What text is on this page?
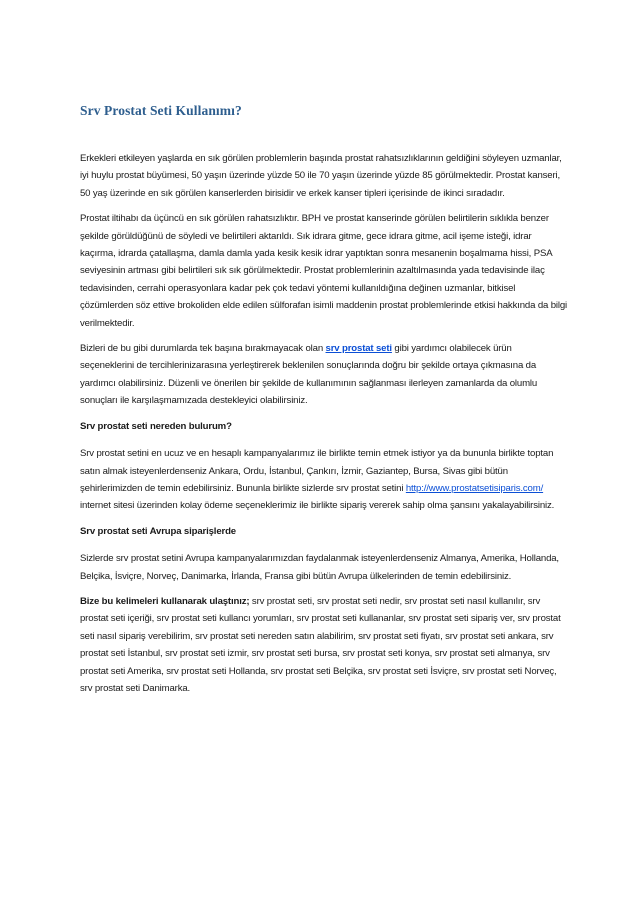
Srv Prostat Seti Kullanımı?

Erkekleri etkileyen yaşlarda en sık görülen problemlerin başında prostat rahatsızlıklarının geldiğini söyleyen uzmanlar, iyi huylu prostat büyümesi, 50 yaşın üzerinde yüzde 50 ile 70 yaşın üzerinde yüzde 85 görülmektedir. Prostat kanseri, 50 yaş üzerinde en sık görülen kanserlerden birisidir ve erkek kanser tipleri içerisinde de ikinci sıradadır.

Prostat iltihabı da üçüncü en sık görülen rahatsızlıktır. BPH ve prostat kanserinde görülen belirtilerin sıklıkla benzer şekilde görüldüğünü de söyledi ve belirtileri aktarıldı. Sık idrara gitme, gece idrara gitme, acil işeme isteği, idrar kaçırma, idrarda çatallaşma, damla damla yada kesik kesik idrar yaptıktan sonra mesanenin boşalmama hissi, PSA seviyesinin artması gibi belirtileri sık sık görülmektedir. Prostat problemlerinin azaltılmasında yada tedavisinde ilaç tedavisinden, cerrahi operasyonlara kadar pek çok tedavi yöntemi kullanıldığına değinen uzmanlar, bitkisel çözümlerden söz ettive brokoliden elde edilen sülforafan isimli maddenin prostat problemlerinde etkisi hakkında da bilgi verilmektedir.

Bizleri de bu gibi durumlarda tek başına bırakmayacak olan srv prostat seti gibi yardımcı olabilecek ürün seçeneklerini de tercihlerinizarasına yerleştirerek beklenilen sonuçlarında doğru bir şekilde ortaya çıkmasına da yardımcı olabilirsiniz. Düzenli ve önerilen bir şekilde de kullanımının sağlanması ilerleyen zamanlarda da olumlu sonuçları ile karşılaşmamızada destekleyici olabilirsiniz.

Srv prostat seti nereden bulurum?

Srv prostat setini en ucuz ve en hesaplı kampanyalarımız ile birlikte temin etmek istiyor ya da bununla birlikte toptan satın almak isteyenlerdenseniz Ankara, Ordu, İstanbul, Çankırı, İzmir, Gaziantep, Bursa, Sivas gibi bütün şehirlerimizden de temin edebilirsiniz. Bununla birlikte sizlerde srv prostat setini http://www.prostatsetisiparis.com/ internet sitesi üzerinden kolay ödeme seçeneklerimiz ile birlikte sipariş vererek sahip olma şansını yakalayabilirsiniz.

Srv prostat seti Avrupa siparişlerde

Sizlerde srv prostat setini Avrupa kampanyalarımızdan faydalanmak isteyenlerdenseniz Almanya, Amerika, Hollanda, Belçika, İsviçre, Norveç, Danimarka, İrlanda, Fransa gibi bütün Avrupa ülkelerinden de temin edebilirsiniz.

Bize bu kelimeleri kullanarak ulaştınız; srv prostat seti, srv prostat seti nedir, srv prostat seti nasıl kullanılır, srv prostat seti içeriği, srv prostat seti kullancı yorumları, srv prostat seti kullananlar, srv prostat seti sipariş ver, srv prostat seti nasıl sipariş verebilirim, srv prostat seti nereden satın alabilirim, srv prostat seti fiyatı, srv prostat seti ankara, srv prostat seti İstanbul, srv prostat seti izmir, srv prostat seti bursa, srv prostat seti konya, srv prostat seti almanya, srv prostat seti Amerika, srv prostat seti Hollanda, srv prostat seti Belçika, srv prostat seti İsviçre, srv prostat seti Norveç, srv prostat seti Danimarka.
